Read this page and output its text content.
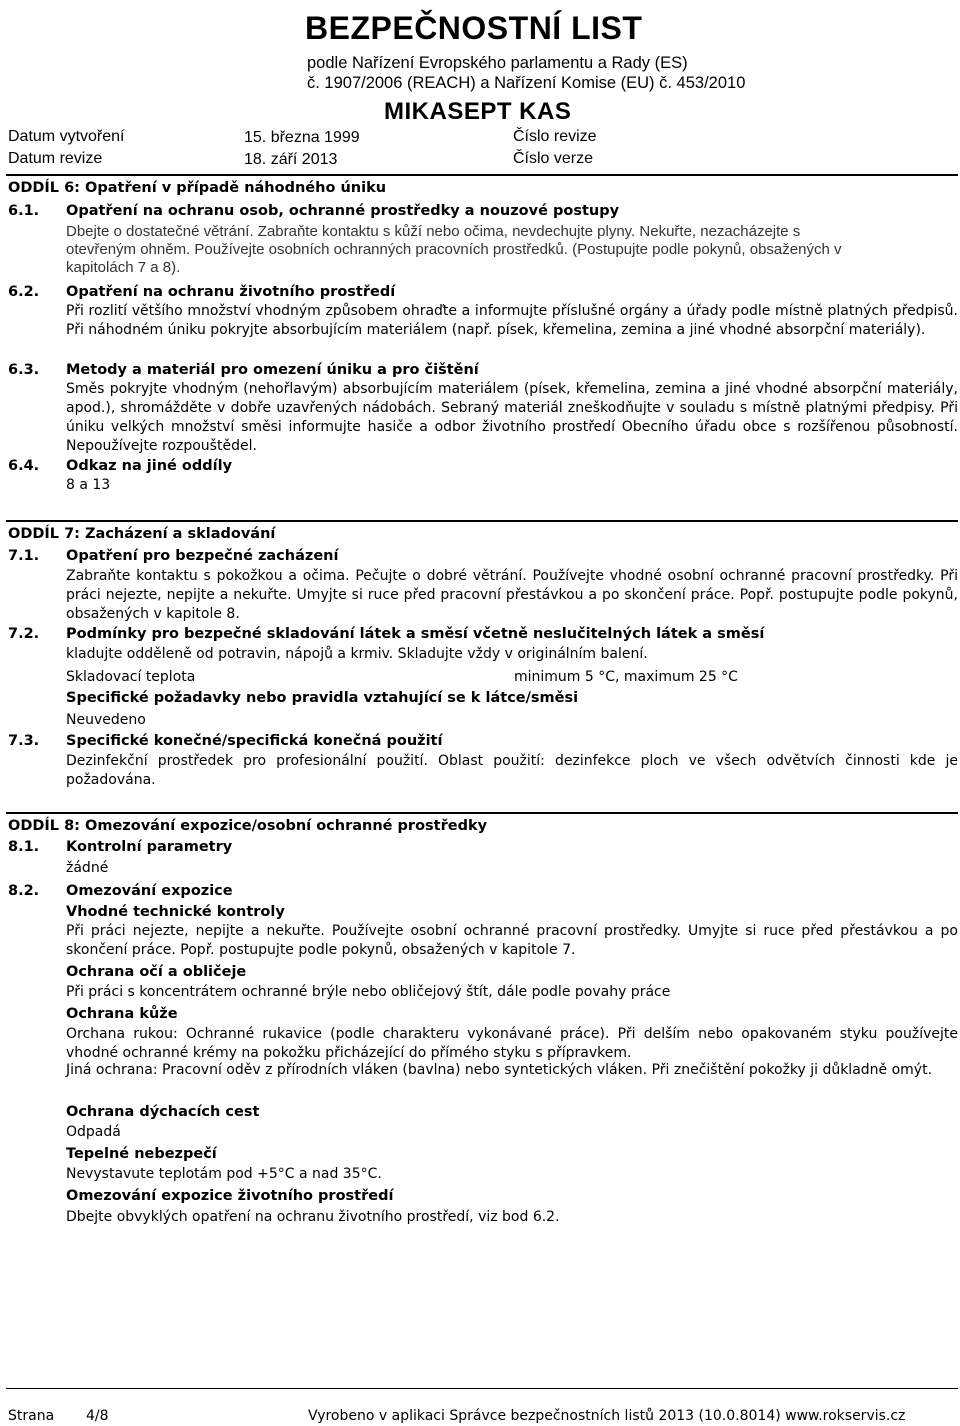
BEZPEČNOSTNÍ LIST
podle Nařízení Evropského parlamentu a Rady (ES)
č. 1907/2006 (REACH) a Nařízení Komise (EU) č. 453/2010
MIKASEPT KAS
Datum vytvoření	15. března 1999	Číslo revize
Datum revize	18. září 2013	Číslo verze
ODDÍL 6: Opatření v případě náhodného úniku
6.1. Opatření na ochranu osob, ochranné prostředky a nouzové postupy
Dbejte o dostatečné větrání. Zabraňte kontaktu s kůží nebo očima, nevdechujte plyny. Nekuřte, nezacházejte s
otevřeným ohněm. Používejte osobních ochranných pracovních prostředků. (Postupujte podle pokynů, obsažených v
kapitolách 7 a 8).
6.2. Opatření na ochranu životního prostředí
Při rozlití většího množství vhodným způsobem ohraďte a informujte příslušné orgány a úřady podle místně platných předpisů. Při náhodném úniku pokryjte absorbujícím materiálem (např. písek, křemelina, zemina a jiné vhodné absorpční materiály).
6.3. Metody a materiál pro omezení úniku a pro čištění
Směs pokryjte vhodným (nehořlavým) absorbujícím materiálem (písek, křemelina, zemina a jiné vhodné absorpční materiály, apod.), shromážděte v dobře uzavřených nádobách. Sebraný materiál zneškodňujte v souladu s místně platnými předpisy. Při úniku velkých množství směsi informujte hasiče a odbor životního prostředí Obecního úřadu obce s rozšířenou působností. Nepoužívejte rozpouštědel.
6.4. Odkaz na jiné oddíly
8 a 13
ODDÍL 7: Zacházení a skladování
7.1. Opatření pro bezpečné zacházení
Zabraňte kontaktu s pokožkou a očima. Pečujte o dobré větrání. Používejte vhodné osobní ochranné pracovní prostředky. Při práci nejezte, nepijte a nekuřte. Umyjte si ruce před pracovní přestávkou a po skončení práce. Popř. postupujte podle pokynů, obsažených v kapitole 8.
7.2. Podmínky pro bezpečné skladování látek a směsí včetně neslučitelných látek a směsí
kladujte odděleně od potravin, nápojů a krmiv. Skladujte vždy v originálním balení.
Skladovací teplota	minimum 5 °C, maximum 25 °C
Specifické požadavky nebo pravidla vztahující se k látce/směsi
Neuvedeno
7.3. Specifické konečné/specifická konečná použití
Dezinfekční prostředek pro profesionální použití. Oblast použití: dezinfekce ploch ve všech odvětvích činnosti kde je požadována.
ODDÍL 8: Omezování expozice/osobní ochranné prostředky
8.1. Kontrolní parametry
žádné
8.2. Omezování expozice
Vhodné technické kontroly
Při práci nejezte, nepijte a nekuřte. Používejte osobní ochranné pracovní prostředky. Umyjte si ruce před přestávkou a po skončení práce. Popř. postupujte podle pokynů, obsažených v kapitole 7.
Ochrana očí a obličeje
Při práci s koncentrátem ochranné brýle nebo obličejový štít, dále podle povahy práce
Ochrana kůže
Orchana rukou: Ochranné rukavice (podle charakteru vykonávané práce). Při delším nebo opakovaném styku používejte vhodné ochranné krémy na pokožku přicházející do přímého styku s přípravkem.
Jiná ochrana: Pracovní oděv z přírodních vláken (bavlna) nebo syntetických vláken. Při znečištění pokožky ji důkladně omýt.
Ochrana dýchacích cest
Odpadá
Tepelné nebezpečí
Nevystavute teplotám pod +5°C a nad 35°C.
Omezování expozice životního prostředí
Dbejte obvyklých opatření na ochranu životního prostředí, viz bod 6.2.
Strana 4/8	Vyrobeno v aplikaci Správce bezpečnostních listů 2013 (10.0.8014) www.rokservis.cz
